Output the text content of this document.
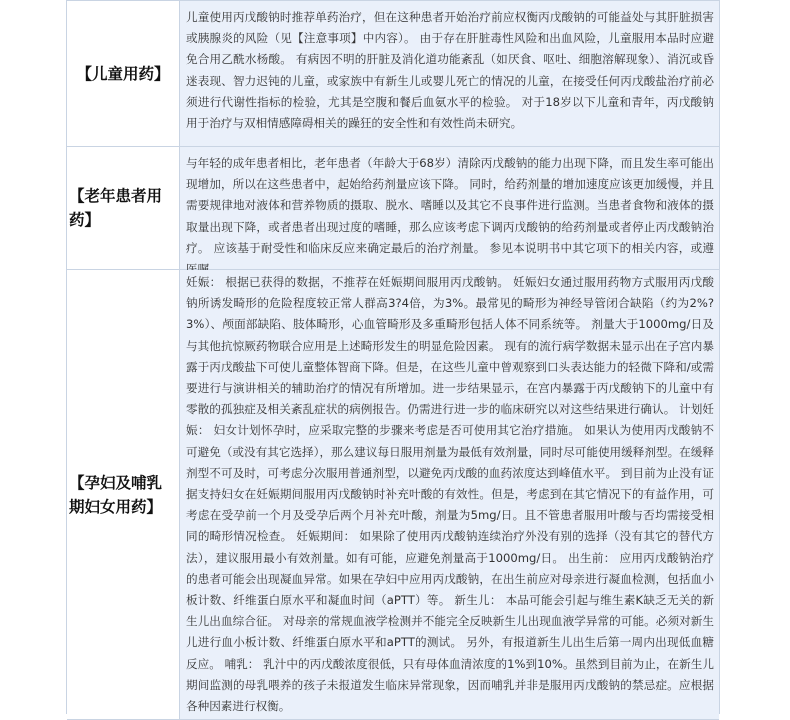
【儿童用药】
儿童使用丙戊酸钠时推荐单药治疗，但在这种患者开始治疗前应权衡丙戊酸钠的可能益处与其肝脏损害或胰腺炎的风险（见【注意事项】中内容）。 由于存在肝脏毒性风险和出血风险，儿童服用本品时应避免合用乙酰水杨酸。 有病因不明的肝脏及消化道功能紊乱（如厌食、呕吐、细胞溶解现象）、消沉或昏迷表现、智力迟钝的儿童，或家族中有新生儿或婴儿死亡的情况的儿童，在接受任何丙戊酸盐治疗前必须进行代谢性指标的检验，尤其是空腹和餐后血氨水平的检验。 对于18岁以下儿童和青年，丙戊酸钠用于治疗与双相情感障碍相关的躁狂的安全性和有效性尚未研究。
【老年患者用药】
与年轻的成年患者相比，老年患者（年龄大于68岁）清除丙戊酸钠的能力出现下降，而且发生率可能出现增加，所以在这些患者中，起始给药剂量应该下降。 同时，给药剂量的增加速度应该更加缓慢，并且需要规律地对液体和营养物质的摄取、脱水、嗜睡以及其它不良事件进行监测。当患者食物和液体的摄取量出现下降，或者患者出现过度的嗜睡，那么应该考虑下调丙戊酸钠的给药剂量或者停止丙戊酸钠治疗。 应该基于耐受性和临床反应来确定最后的治疗剂量。 参见本说明书中其它项下的相关内容，或遵
【孕妇及哺乳期妇女用药】
妊娠： 根据已获得的数据，不推荐在妊娠期间服用丙戊酸钠。 妊娠妇女通过服用药物方式服用丙戊酸钠所诱发畸形的危险程度较正常人群高3?4倍，为3%。最常见的畸形为神经导管闭合缺陷（约为2%?3%）、颅面部缺陷、肢体畸形，心血管畸形及多重畸形包括人体不同系统等。 剂量大于1000mg/日及与其他抗惊厥药物联合应用是上述畸形发生的明显危险因素。 现有的流行病学数据未显示出在子宫内暴露于丙戊酸盐下可使儿童整体智商下降。但是，在这些儿童中曾观察到口头表达能力的轻微下降和/或需要进行与演讲相关的辅助治疗的情况有所增加。进一步结果显示，在宫内暴露于丙戊酸钠下的儿童中有零散的孤独症及相关紊乱症状的病例报告。仍需进行进一步的临床研究以对这些结果进行确认。 计划妊娠： 妇女计划怀孕时，应采取完整的步骤来考虑是否可使用其它治疗措施。 如果认为使用丙戊酸钠不可避免（或没有其它选择），那么建议每日服用剂量为最低有效剂量，同时尽可能使用缓释剂型。在缓释剂型不可及时，可考虑分次服用普通剂型，以避免丙戊酸的血药浓度达到峰值水平。 到目前为止没有证据支持妇女在妊娠期间服用丙戊酸钠时补充叶酸的有效性。但是，考虑到在其它情况下的有益作用，可考虑在受孕前一个月及受孕后两个月补充叶酸，剂量为5mg/日。且不管患者服用叶酸与否均需接受相同的畸形情况检查。 妊娠期间： 如果除了使用丙戊酸钠连续治疗外没有别的选择（没有其它的替代方法），建议服用最小有效剂量。如有可能，应避免剂量高于1000mg/日。 出生前： 应用丙戊酸钠治疗的患者可能会出现凝血异常。如果在孕妇中应用丙戊酸钠，在出生前应对母亲进行凝血检测，包括血小板计数、纤维蛋白原水平和凝血时间（aPTT）等。 新生儿： 本品可能会引起与维生素K缺乏无关的新生儿出血综合征。 对母亲的常规血液学检测并不能完全反映新生儿出现血液学异常的可能。必须对新生儿进行血小板计数、纤维蛋白原水平和aPTT的测试。 另外，有报道新生儿出生后第一周内出现低血糖反应。 哺乳： 乳汁中的丙戊酸浓度很低，只有母体血清浓度的1%到10%。虽然到目前为止，在新生儿期间监测的母乳喂养的孩子未报道发生临床异常现象，因而哺乳并非是服用丙戊酸钠的禁忌症。应根据各种因素进行权衡。
